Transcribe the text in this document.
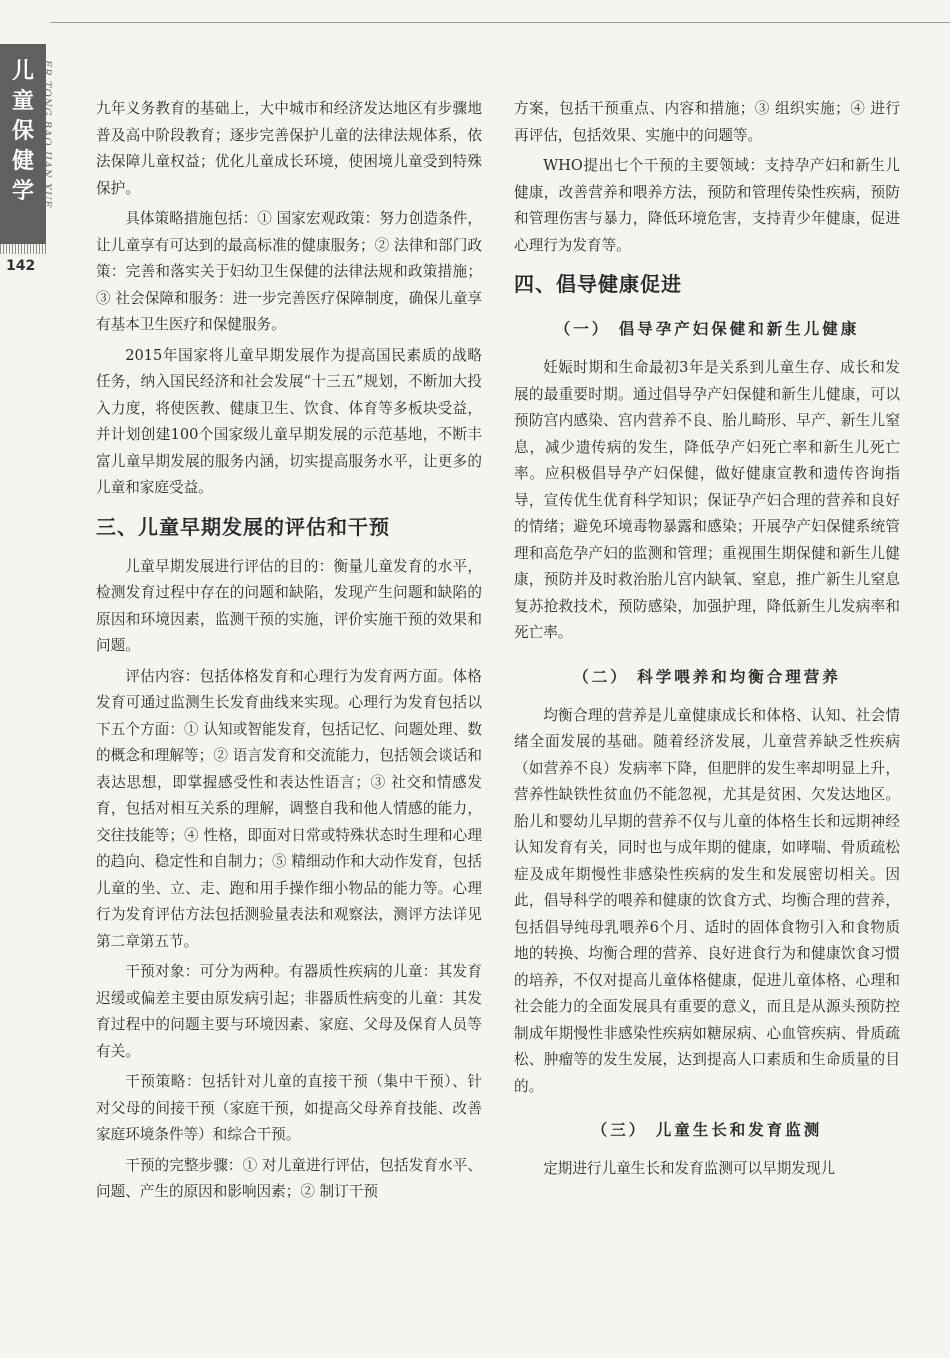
儿
童
保
健
学 ER TONG BAO JIAN XUE
142

九年义务教育的基础上，大中城市和经济发达地区有步骤地普及高中阶段教育；逐步完善保护儿童的法律法规体系，依法保障儿童权益；优化儿童成长环境，使困境儿童受到特殊保护。

具体策略措施包括：① 国家宏观政策：努力创造条件，让儿童享有可达到的最高标准的健康服务；② 法律和部门政策：完善和落实关于妇幼卫生保健的法律法规和政策措施；③ 社会保障和服务：进一步完善医疗保障制度，确保儿童享有基本卫生医疗和保健服务。

2015年国家将儿童早期发展作为提高国民素质的战略任务，纳入国民经济和社会发展“十三五”规划，不断加大投入力度，将使医教、健康卫生、饮食、体育等多板块受益，并计划创建100个国家级儿童早期发展的示范基地，不断丰富儿童早期发展的服务内涵，切实提高服务水平，让更多的儿童和家庭受益。

三、儿童早期发展的评估和干预

儿童早期发展进行评估的目的：衡量儿童发育的水平，检测发育过程中存在的问题和缺陷，发现产生问题和缺陷的原因和环境因素，监测干预的实施，评价实施干预的效果和问题。

评估内容：包括体格发育和心理行为发育两方面。体格发育可通过监测生长发育曲线来实现。心理行为发育包括以下五个方面：① 认知或智能发育，包括记忆、问题处理、数的概念和理解等；② 语言发育和交流能力，包括领会谈话和表达思想，即掌握感受性和表达性语言；③ 社交和情感发育，包括对相互关系的理解，调整自我和他人情感的能力，交往技能等；④ 性格，即面对日常或特殊状态时生理和心理的趋向、稳定性和自制力；⑤ 精细动作和大动作发育，包括儿童的坐、立、走、跑和用手操作细小物品的能力等。心理行为发育评估方法包括测验量表法和观察法，测评方法详见第二章第五节。

干预对象：可分为两种。有器质性疾病的儿童：其发育迟缓或偏差主要由原发病引起；非器质性病变的儿童：其发育过程中的问题主要与环境因素、家庭、父母及保育人员等有关。

干预策略：包括针对儿童的直接干预（集中干预）、针对父母的间接干预（家庭干预，如提高父母养育技能、改善家庭环境条件等）和综合干预。

干预的完整步骤：① 对儿童进行评估，包括发育水平、问题、产生的原因和影响因素；② 制订干预

方案，包括干预重点、内容和措施；③ 组织实施；④ 进行再评估，包括效果、实施中的问题等。

WHO提出七个干预的主要领域：支持孕产妇和新生儿健康，改善营养和喂养方法，预防和管理传染性疾病，预防和管理伤害与暴力，降低环境危害，支持青少年健康，促进心理行为发育等。

四、倡导健康促进
（一） 倡导孕产妇保健和新生儿健康

妊娠时期和生命最初3年是关系到儿童生存、成长和发展的最重要时期。通过倡导孕产妇保健和新生儿健康，可以预防宫内感染、宫内营养不良、胎儿畸形、早产、新生儿窒息，减少遗传病的发生，降低孕产妇死亡率和新生儿死亡率。应积极倡导孕产妇保健，做好健康宣教和遗传咨询指导，宣传优生优育科学知识；保证孕产妇合理的营养和良好的情绪；避免环境毒物暴露和感染；开展孕产妇保健系统管理和高危孕产妇的监测和管理；重视围生期保健和新生儿健康，预防并及时救治胎儿宫内缺氧、窒息，推广新生儿窒息复苏抢救技术，预防感染，加强护理，降低新生儿发病率和死亡率。

（二） 科学喂养和均衡合理营养

均衡合理的营养是儿童健康成长和体格、认知、社会情绪全面发展的基础。随着经济发展，儿童营养缺乏性疾病（如营养不良）发病率下降，但肥胖的发生率却明显上升，营养性缺铁性贫血仍不能忽视，尤其是贫困、欠发达地区。胎儿和婴幼儿早期的营养不仅与儿童的体格生长和远期神经认知发育有关，同时也与成年期的健康，如哮喘、骨质疏松症及成年期慢性非感染性疾病的发生和发展密切相关。因此，倡导科学的喂养和健康的饮食方式、均衡合理的营养，包括倡导纯母乳喂养6个月、适时的固体食物引入和食物质地的转换、均衡合理的营养、良好进食行为和健康饮食习惯的培养，不仅对提高儿童体格健康，促进儿童体格、心理和社会能力的全面发展具有重要的意义，而且是从源头预防控制成年期慢性非感染性疾病如糖尿病、心血管疾病、骨质疏松、肿瘤等的发生发展，达到提高人口素质和生命质量的目的。

（三） 儿童生长和发育监测

定期进行儿童生长和发育监测可以早期发现儿
